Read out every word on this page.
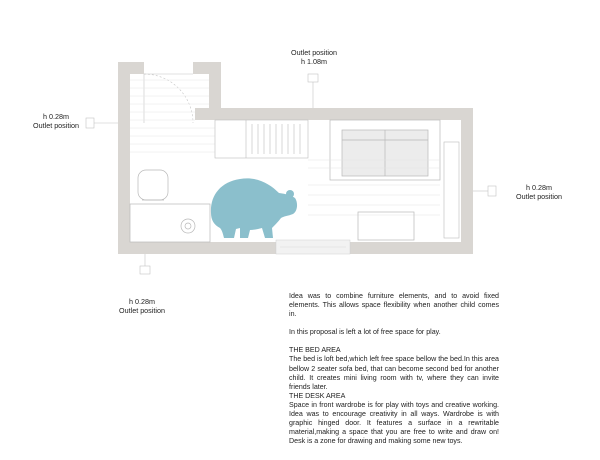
Outlet position
h 1.08m
h 0.28m
Outlet position
h 0.28m
Outlet position
h 0.28m
Outlet position

Idea was to combine furniture elements, and to avoid fixed elements. This allows space flexibility when another child comes in.

In this proposal is left a lot of free space for play.

THE BED AREA

The bed is loft bed,which left free space bellow the bed.In this area bellow 2 seater sofa bed, that can become second bed for another child. It creates mini living room with tv, where they can invite friends later.

THE DESK AREA

Space in front wardrobe is for play with toys and creative working. Idea was to encourage creativity in all ways. Wardrobe is with graphic hinged door. It features a surface in a rewritable material,making a space that you are free to write and draw on! Desk is a zone for drawing and making some new toys.
